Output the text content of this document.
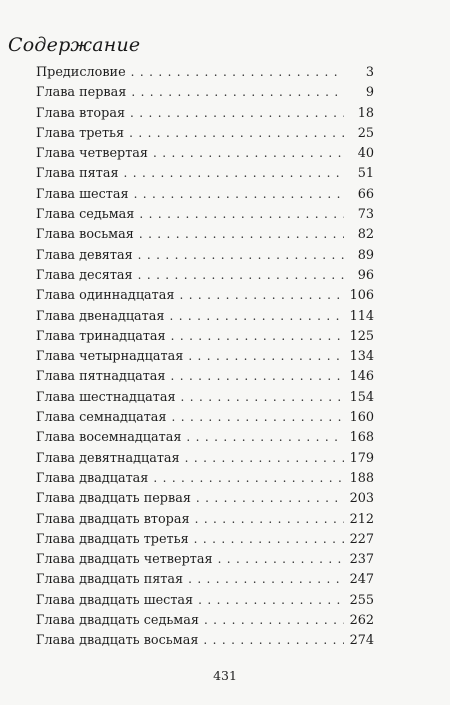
Содержание
Предисловие . . .	3
Глава первая . . .	9
Глава вторая . . .	18
Глава третья . . .	25
Глава четвертая . . .	40
Глава пятая . . .	51
Глава шестая . . .	66
Глава седьмая . . .	73
Глава восьмая . . .	82
Глава девятая . . .	89
Глава десятая . . .	96
Глава одиннадцатая . . .	106
Глава двенадцатая . . .	114
Глава тринадцатая . . .	125
Глава четырнадцатая . . .	134
Глава пятнадцатая . . .	146
Глава шестнадцатая . . .	154
Глава семнадцатая . . .	160
Глава восемнадцатая . . .	168
Глава девятнадцатая . . .	179
Глава двадцатая . . .	188
Глава двадцать первая . . .	203
Глава двадцать вторая . . .	212
Глава двадцать третья . . .	227
Глава двадцать четвертая . . .	237
Глава двадцать пятая . . .	247
Глава двадцать шестая . . .	255
Глава двадцать седьмая . . .	262
Глава двадцать восьмая . . .	274
431
